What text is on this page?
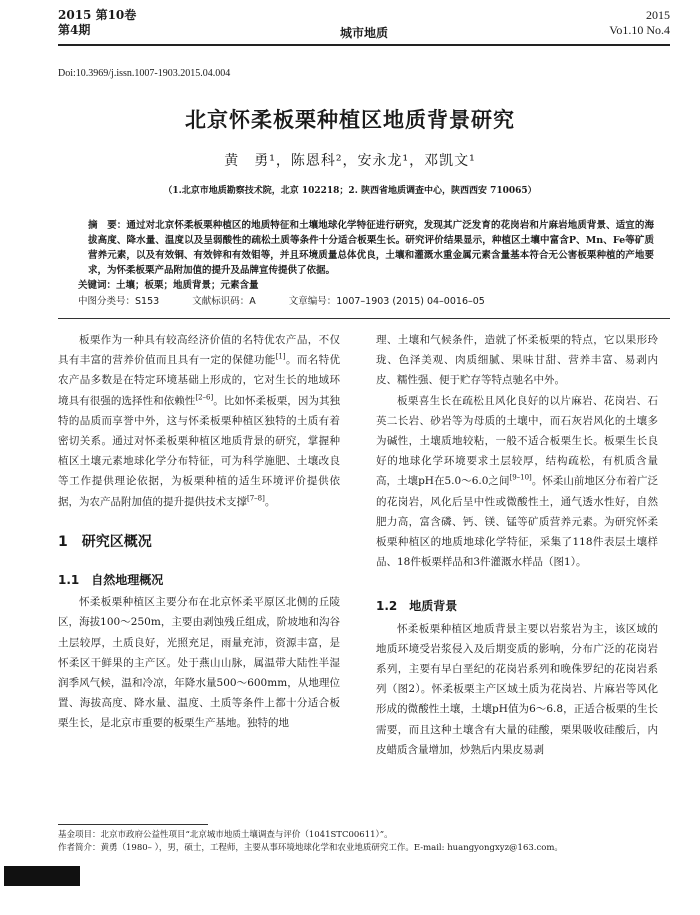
2015 第10卷
第4期	城市地质
2015
Vo1.10 No.4
Doi:10.3969/j.issn.1007-1903.2015.04.004
北京怀柔板栗种植区地质背景研究
黄　勇¹，陈恩科²，安永龙¹，邓凯文¹
（1.北京市地质勘察技术院，北京 102218；2. 陕西省地质调查中心，陕西西安 710065）
摘　要：通过对北京怀柔板栗种植区的地质特征和土壤地球化学特征进行研究，发现其广泛发育的花岗岩和片麻岩地质背景、适宜的海拔高度、降水量、温度以及呈弱酸性的疏松土质等条件十分适合板栗生长。研究评价结果显示，种植区土壤中富含P、Mn、Fe等矿质营养元素，以及有效铜、有效锌和有效钼等，并且环境质量总体优良，土壤和灌溉水重金属元素含量基本符合无公害板栗种植的产地要求，为怀柔板栗产品附加值的提升及品牌宣传提供了依据。
关键词：土壤；板栗；地质背景；元素含量
中图分类号：S153	文献标识码：A	文章编号：1007–1903 (2015) 04–0016–05

板栗作为一种具有较高经济价值的名特优农产品，不仅具有丰富的营养价值而且具有一定的保健功能[1]。而名特优农产品多数是在特定环境基础上形成的，它对生长的地域环境具有很强的选择性和依赖性[2–6]。比如怀柔板栗，因为其独特的品质而享誉中外，这与怀柔板栗种植区独特的土质有着密切关系。通过对怀柔板栗种植区地质背景的研究，掌握种植区土壤元素地球化学分布特征，可为科学施肥、土壤改良等工作提供理论依据，为板栗种植的适生环境评价提供依据，为农产品附加值的提升提供技术支撑[7–8]。

1　研究区概况
1.1　自然地理概况

怀柔板栗种植区主要分布在北京怀柔平原区北侧的丘陵区，海拔100～250m，主要由剥蚀残丘组成，阶坡地和沟谷土层较厚，土质良好，光照充足，雨量充沛，资源丰富，是怀柔区干鲜果的主产区。处于燕山山脉，属温带大陆性半湿润季风气候，温和冷凉，年降水量500～600mm，从地理位置、海拔高度、降水量、温度、土质等条件上都十分适合板栗生长，是北京市重要的板栗生产基地。独特的地

理、土壤和气候条件，造就了怀柔板栗的特点，它以果形玲珑、色泽美观、肉质细腻、果味甘甜、营养丰富、易剥内皮、糯性强、便于贮存等特点驰名中外。

板栗喜生长在疏松且风化良好的以片麻岩、花岗岩、石英二长岩、砂岩等为母质的土壤中，而石灰岩风化的土壤多为碱性，土壤质地较粘，一般不适合板栗生长。板栗生长良好的地球化学环境要求土层较厚，结构疏松，有机质含量高，土壤pH在5.0～6.0之间[9–10]。怀柔山前地区分布着广泛的花岗岩，风化后呈中性或微酸性土，通气透水性好，自然肥力高，富含磷、钙、镁、锰等矿质营养元素。为研究怀柔板栗种植区的地质地球化学特征，采集了118件表层土壤样品、18件板栗样品和3件灌溉水样品（图1）。

1.2　地质背景

怀柔板栗种植区地质背景主要以岩浆岩为主，该区域的地质环境受岩浆侵入及后期变质的影响，分布广泛的花岗岩系列，主要有早白垩纪的花岗岩系列和晚侏罗纪的花岗岩系列（图2）。怀柔板栗主产区域土质为花岗岩、片麻岩等风化形成的微酸性土壤，土壤pH值为6～6.8，正适合板栗的生长需要，而且这种土壤含有大量的硅酸，栗果吸收硅酸后，内皮蜡质含量增加，炒熟后内果皮易剥

基金项目：北京市政府公益性项目“北京城市地质土壤调查与评价（1041STC00611）”。
作者简介：黄勇（1980– ），男，硕士，工程师，主要从事环境地球化学和农业地质研究工作。E-mail: huangyongxyz@163.com。
